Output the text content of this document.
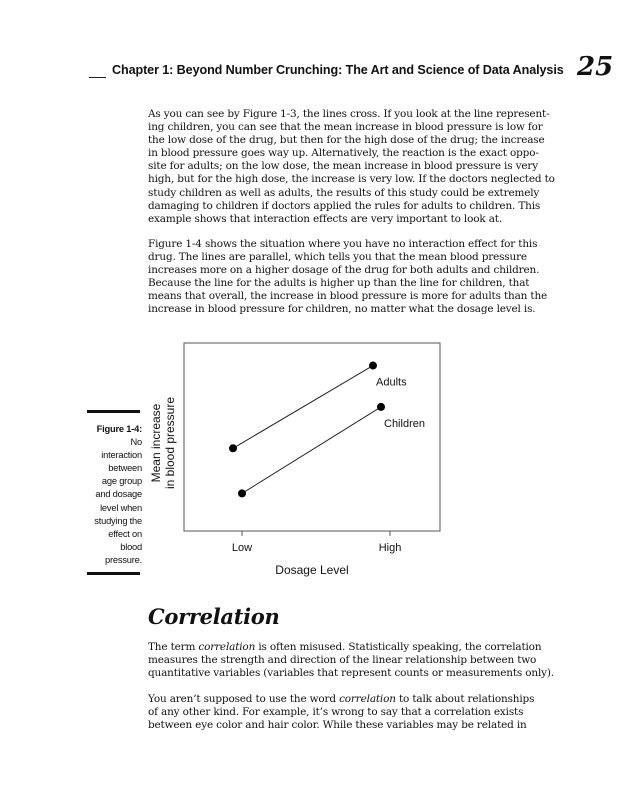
Chapter 1: Beyond Number Crunching: The Art and Science of Data Analysis 25

As you can see by Figure 1-3, the lines cross. If you look at the line represent-
ing children, you can see that the mean increase in blood pressure is low for
the low dose of the drug, but then for the high dose of the drug; the increase
in blood pressure goes way up. Alternatively, the reaction is the exact oppo-
site for adults; on the low dose, the mean increase in blood pressure is very
high, but for the high dose, the increase is very low. If the doctors neglected to
study children as well as adults, the results of this study could be extremely
damaging to children if doctors applied the rules for adults to children. This
example shows that interaction effects are very important to look at.

Figure 1-4 shows the situation where you have no interaction effect for this
drug. The lines are parallel, which tells you that the mean blood pressure
increases more on a higher dosage of the drug for both adults and children.
Because the line for the adults is higher up than the line for children, that
means that overall, the increase in blood pressure is more for adults than the
increase in blood pressure for children, no matter what the dosage level is.

Figure 1-4:
No
interaction
between
age group
and dosage
level when
studying the
effect on
blood
pressure.
Mean increase in blood pressure
Low	High
Adults
Children
Dosage Level
Correlation

The term correlation is often misused. Statistically speaking, the correlation
measures the strength and direction of the linear relationship between two
quantitative variables (variables that represent counts or measurements only).

You aren’t supposed to use the word correlation to talk about relationships
of any other kind. For example, it’s wrong to say that a correlation exists
between eye color and hair color. While these variables may be related in
